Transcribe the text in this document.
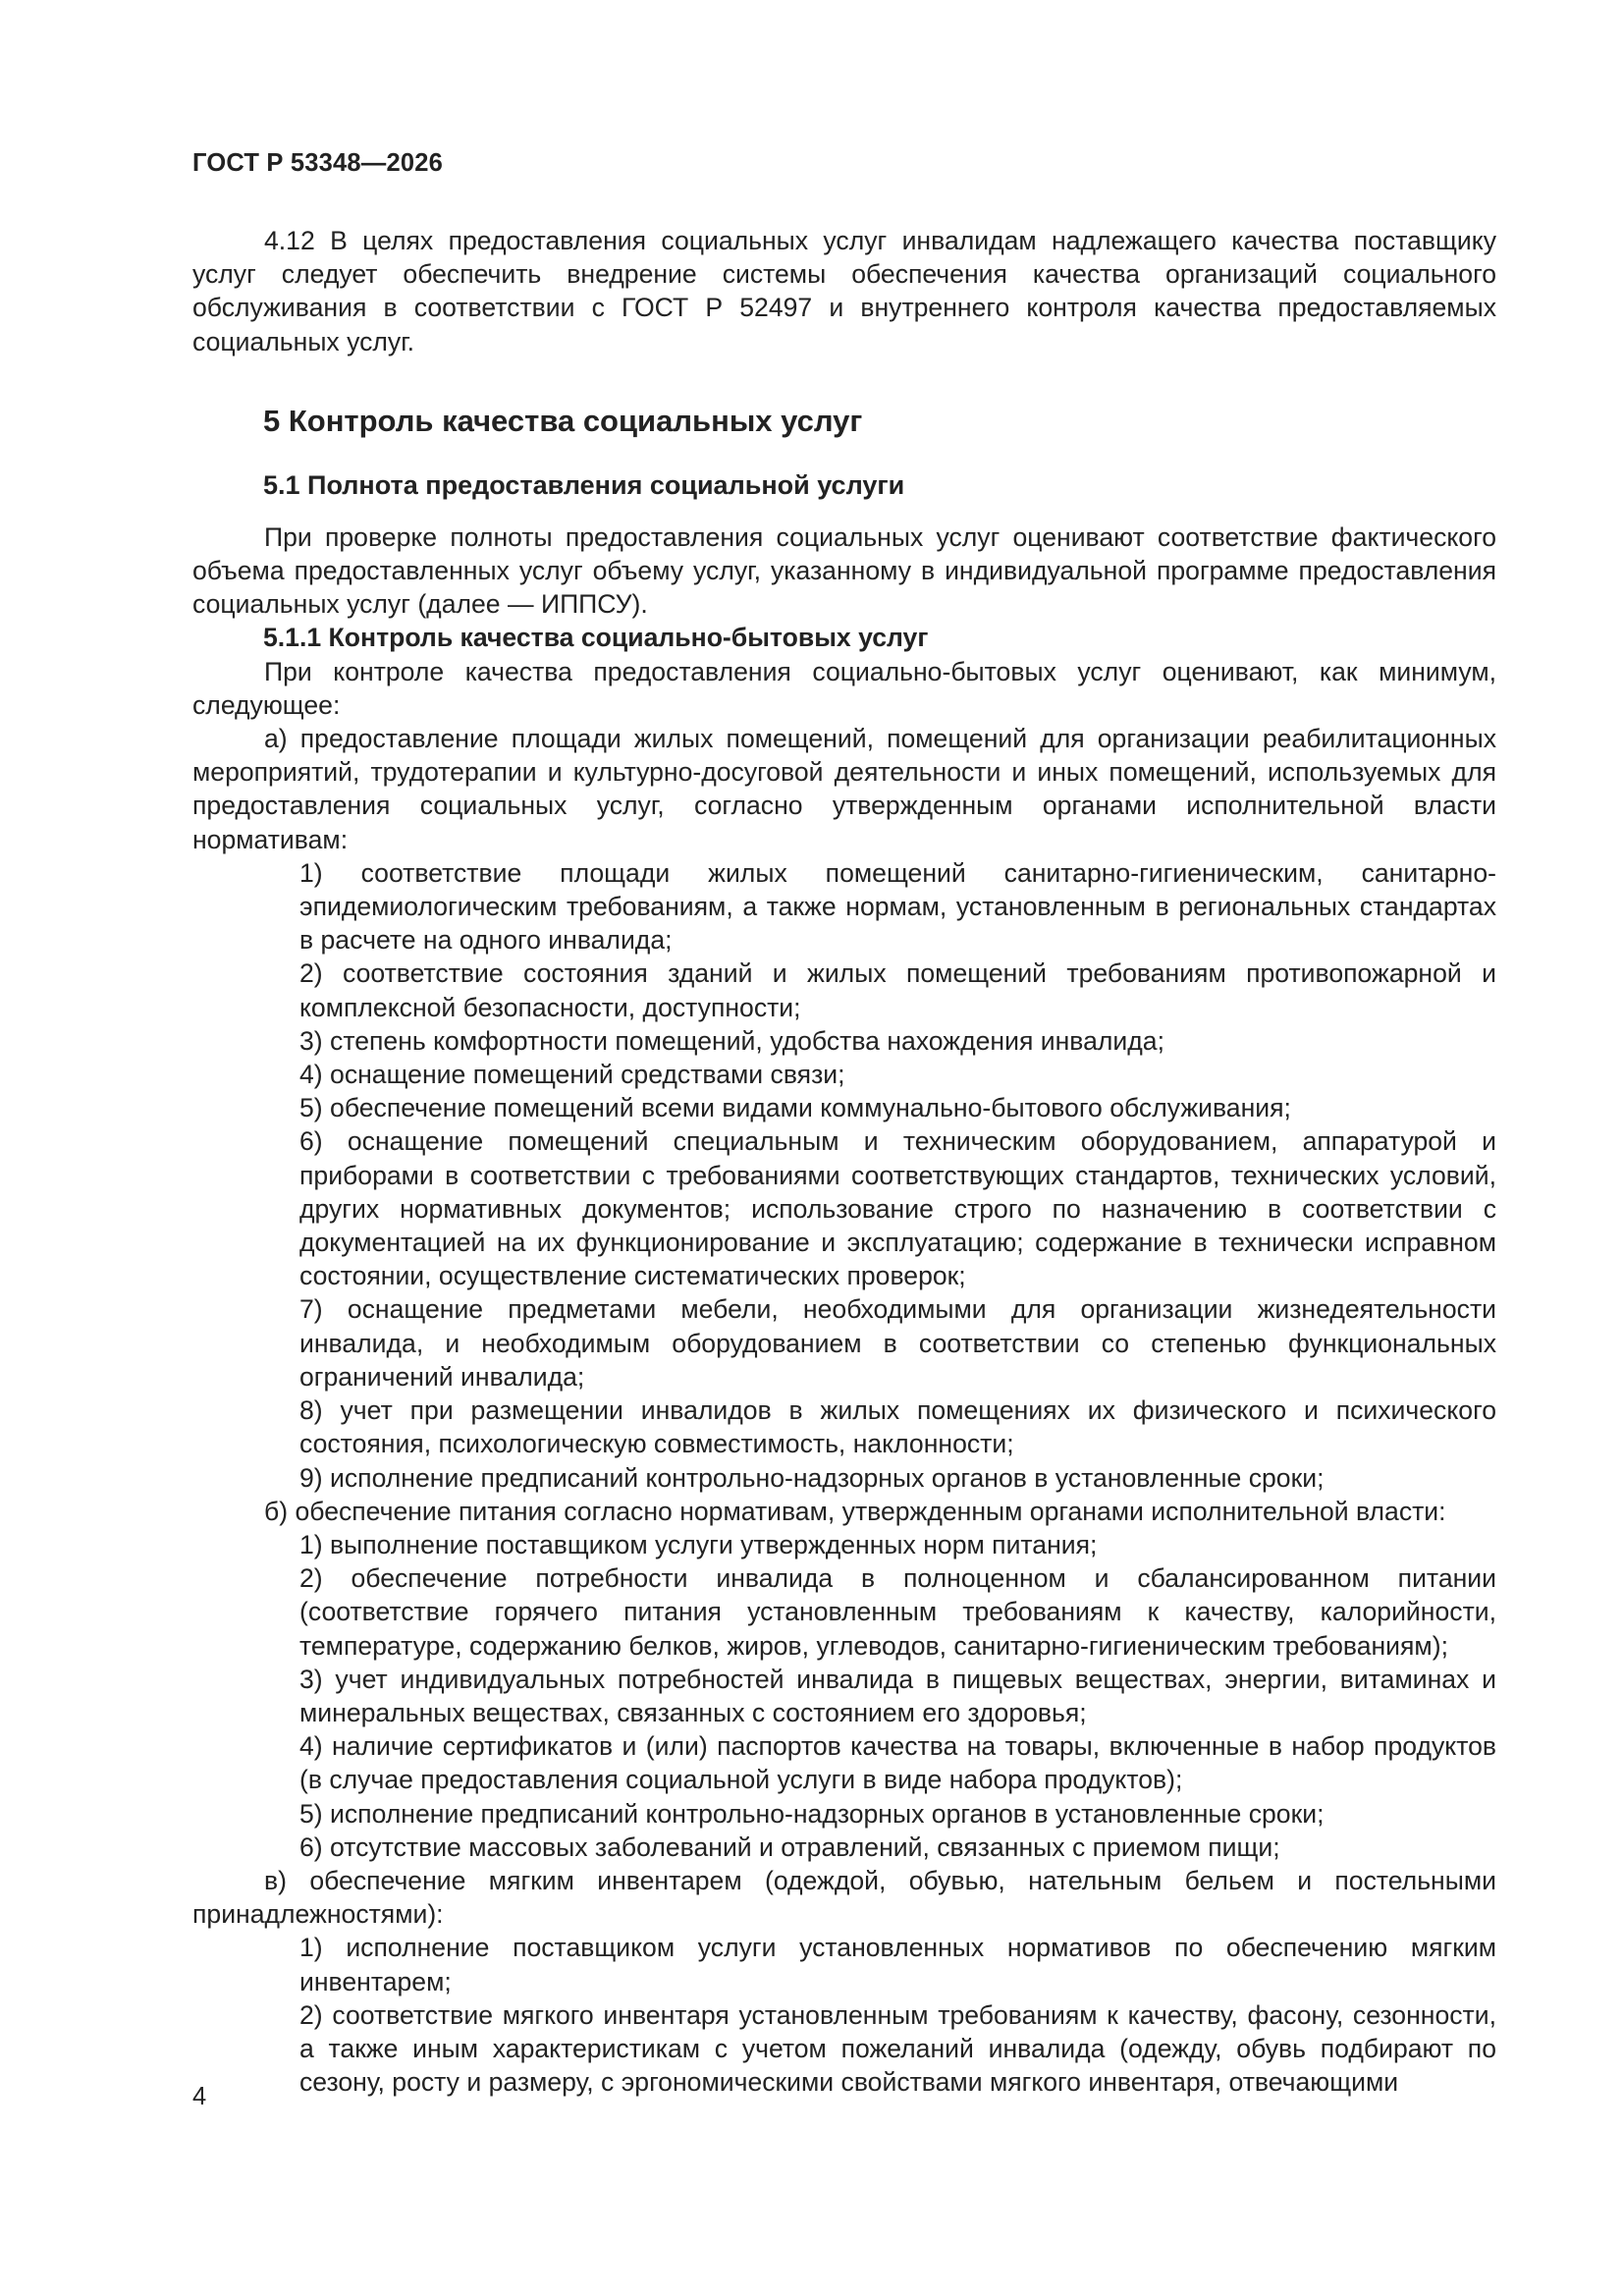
ГОСТ Р 53348—2026

4.12 В целях предоставления социальных услуг инвалидам надлежащего качества поставщику услуг следует обеспечить внедрение системы обеспечения качества организаций социального обслуживания в соответствии с ГОСТ Р 52497 и внутреннего контроля качества предоставляемых социальных услуг.

5 Контроль качества социальных услуг
5.1 Полнота предоставления социальной услуги

При проверке полноты предоставления социальных услуг оценивают соответствие фактического объема предоставленных услуг объему услуг, указанному в индивидуальной программе предоставления социальных услуг (далее — ИППСУ).

5.1.1 Контроль качества социально-бытовых услуг

При контроле качества предоставления социально-бытовых услуг оценивают, как минимум, следующее:

а) предоставление площади жилых помещений, помещений для организации реабилитационных мероприятий, трудотерапии и культурно-досуговой деятельности и иных помещений, используемых для предоставления социальных услуг, согласно утвержденным органами исполнительной власти нормативам:

1) соответствие площади жилых помещений санитарно-гигиеническим, санитарно-эпидемиологическим требованиям, а также нормам, установленным в региональных стандартах в расчете на одного инвалида;

2) соответствие состояния зданий и жилых помещений требованиям противопожарной и комплексной безопасности, доступности;

3) степень комфортности помещений, удобства нахождения инвалида;

4) оснащение помещений средствами связи;

5) обеспечение помещений всеми видами коммунально-бытового обслуживания;

6) оснащение помещений специальным и техническим оборудованием, аппаратурой и приборами в соответствии с требованиями соответствующих стандартов, технических условий, других нормативных документов; использование строго по назначению в соответствии с документацией на их функционирование и эксплуатацию; содержание в технически исправном состоянии, осуществление систематических проверок;

7) оснащение предметами мебели, необходимыми для организации жизнедеятельности инвалида, и необходимым оборудованием в соответствии со степенью функциональных ограничений инвалида;

8) учет при размещении инвалидов в жилых помещениях их физического и психического состояния, психологическую совместимость, наклонности;

9) исполнение предписаний контрольно-надзорных органов в установленные сроки;

б) обеспечение питания согласно нормативам, утвержденным органами исполнительной власти:

1) выполнение поставщиком услуги утвержденных норм питания;

2) обеспечение потребности инвалида в полноценном и сбалансированном питании (соответствие горячего питания установленным требованиям к качеству, калорийности, температуре, содержанию белков, жиров, углеводов, санитарно-гигиеническим требованиям);

3) учет индивидуальных потребностей инвалида в пищевых веществах, энергии, витаминах и минеральных веществах, связанных с состоянием его здоровья;

4) наличие сертификатов и (или) паспортов качества на товары, включенные в набор продуктов (в случае предоставления социальной услуги в виде набора продуктов);

5) исполнение предписаний контрольно-надзорных органов в установленные сроки;

6) отсутствие массовых заболеваний и отравлений, связанных с приемом пищи;

в) обеспечение мягким инвентарем (одеждой, обувью, нательным бельем и постельными принадлежностями):

1) исполнение поставщиком услуги установленных нормативов по обеспечению мягким инвентарем;

2) соответствие мягкого инвентаря установленным требованиям к качеству, фасону, сезонности, а также иным характеристикам с учетом пожеланий инвалида (одежду, обувь подбирают по сезону, росту и размеру, с эргономическими свойствами мягкого инвентаря, отвечающими

4
